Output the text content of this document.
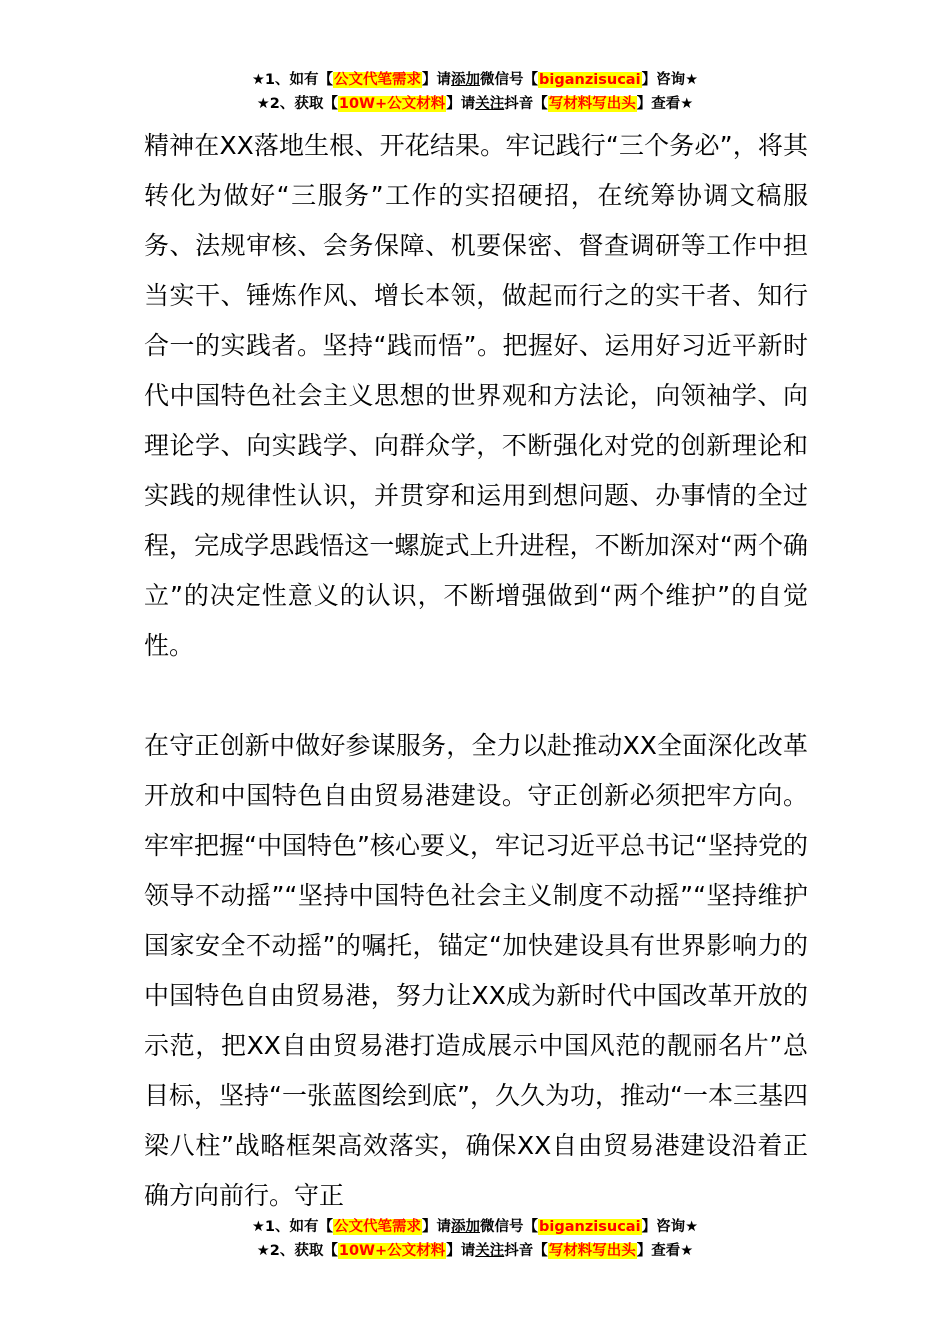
★1、如有【公文代笔需求】请添加微信号【biganzisucai】咨询★
★2、获取【10W+公文材料】请关注抖音【写材料写出头】查看★

精神在XX落地生根、开花结果。牢记践行“三个务必”，将其转化为做好“三服务”工作的实招硬招，在统筹协调文稿服务、法规审核、会务保障、机要保密、督查调研等工作中担当实干、锤炼作风、增长本领，做起而行之的实干者、知行合一的实践者。坚持“践而悟”。把握好、运用好习近平新时代中国特色社会主义思想的世界观和方法论，向领袖学、向理论学、向实践学、向群众学，不断强化对党的创新理论和实践的规律性认识，并贯穿和运用到想问题、办事情的全过程，完成学思践悟这一螺旋式上升进程，不断加深对“两个确立”的决定性意义的认识，不断增强做到“两个维护”的自觉性。

在守正创新中做好参谋服务，全力以赴推动XX全面深化改革开放和中国特色自由贸易港建设。守正创新必须把牢方向。牢牢把握“中国特色”核心要义，牢记习近平总书记“坚持党的领导不动摇”“坚持中国特色社会主义制度不动摇”“坚持维护国家安全不动摇”的嘱托，锚定“加快建设具有世界影响力的中国特色自由贸易港，努力让XX成为新时代中国改革开放的示范，把XX自由贸易港打造成展示中国风范的靓丽名片”总目标，坚持“一张蓝图绘到底”，久久为功，推动“一本三基四梁八柱”战略框架高效落实，确保XX自由贸易港建设沿着正确方向前行。守正

★1、如有【公文代笔需求】请添加微信号【biganzisucai】咨询★
★2、获取【10W+公文材料】请关注抖音【写材料写出头】查看★
